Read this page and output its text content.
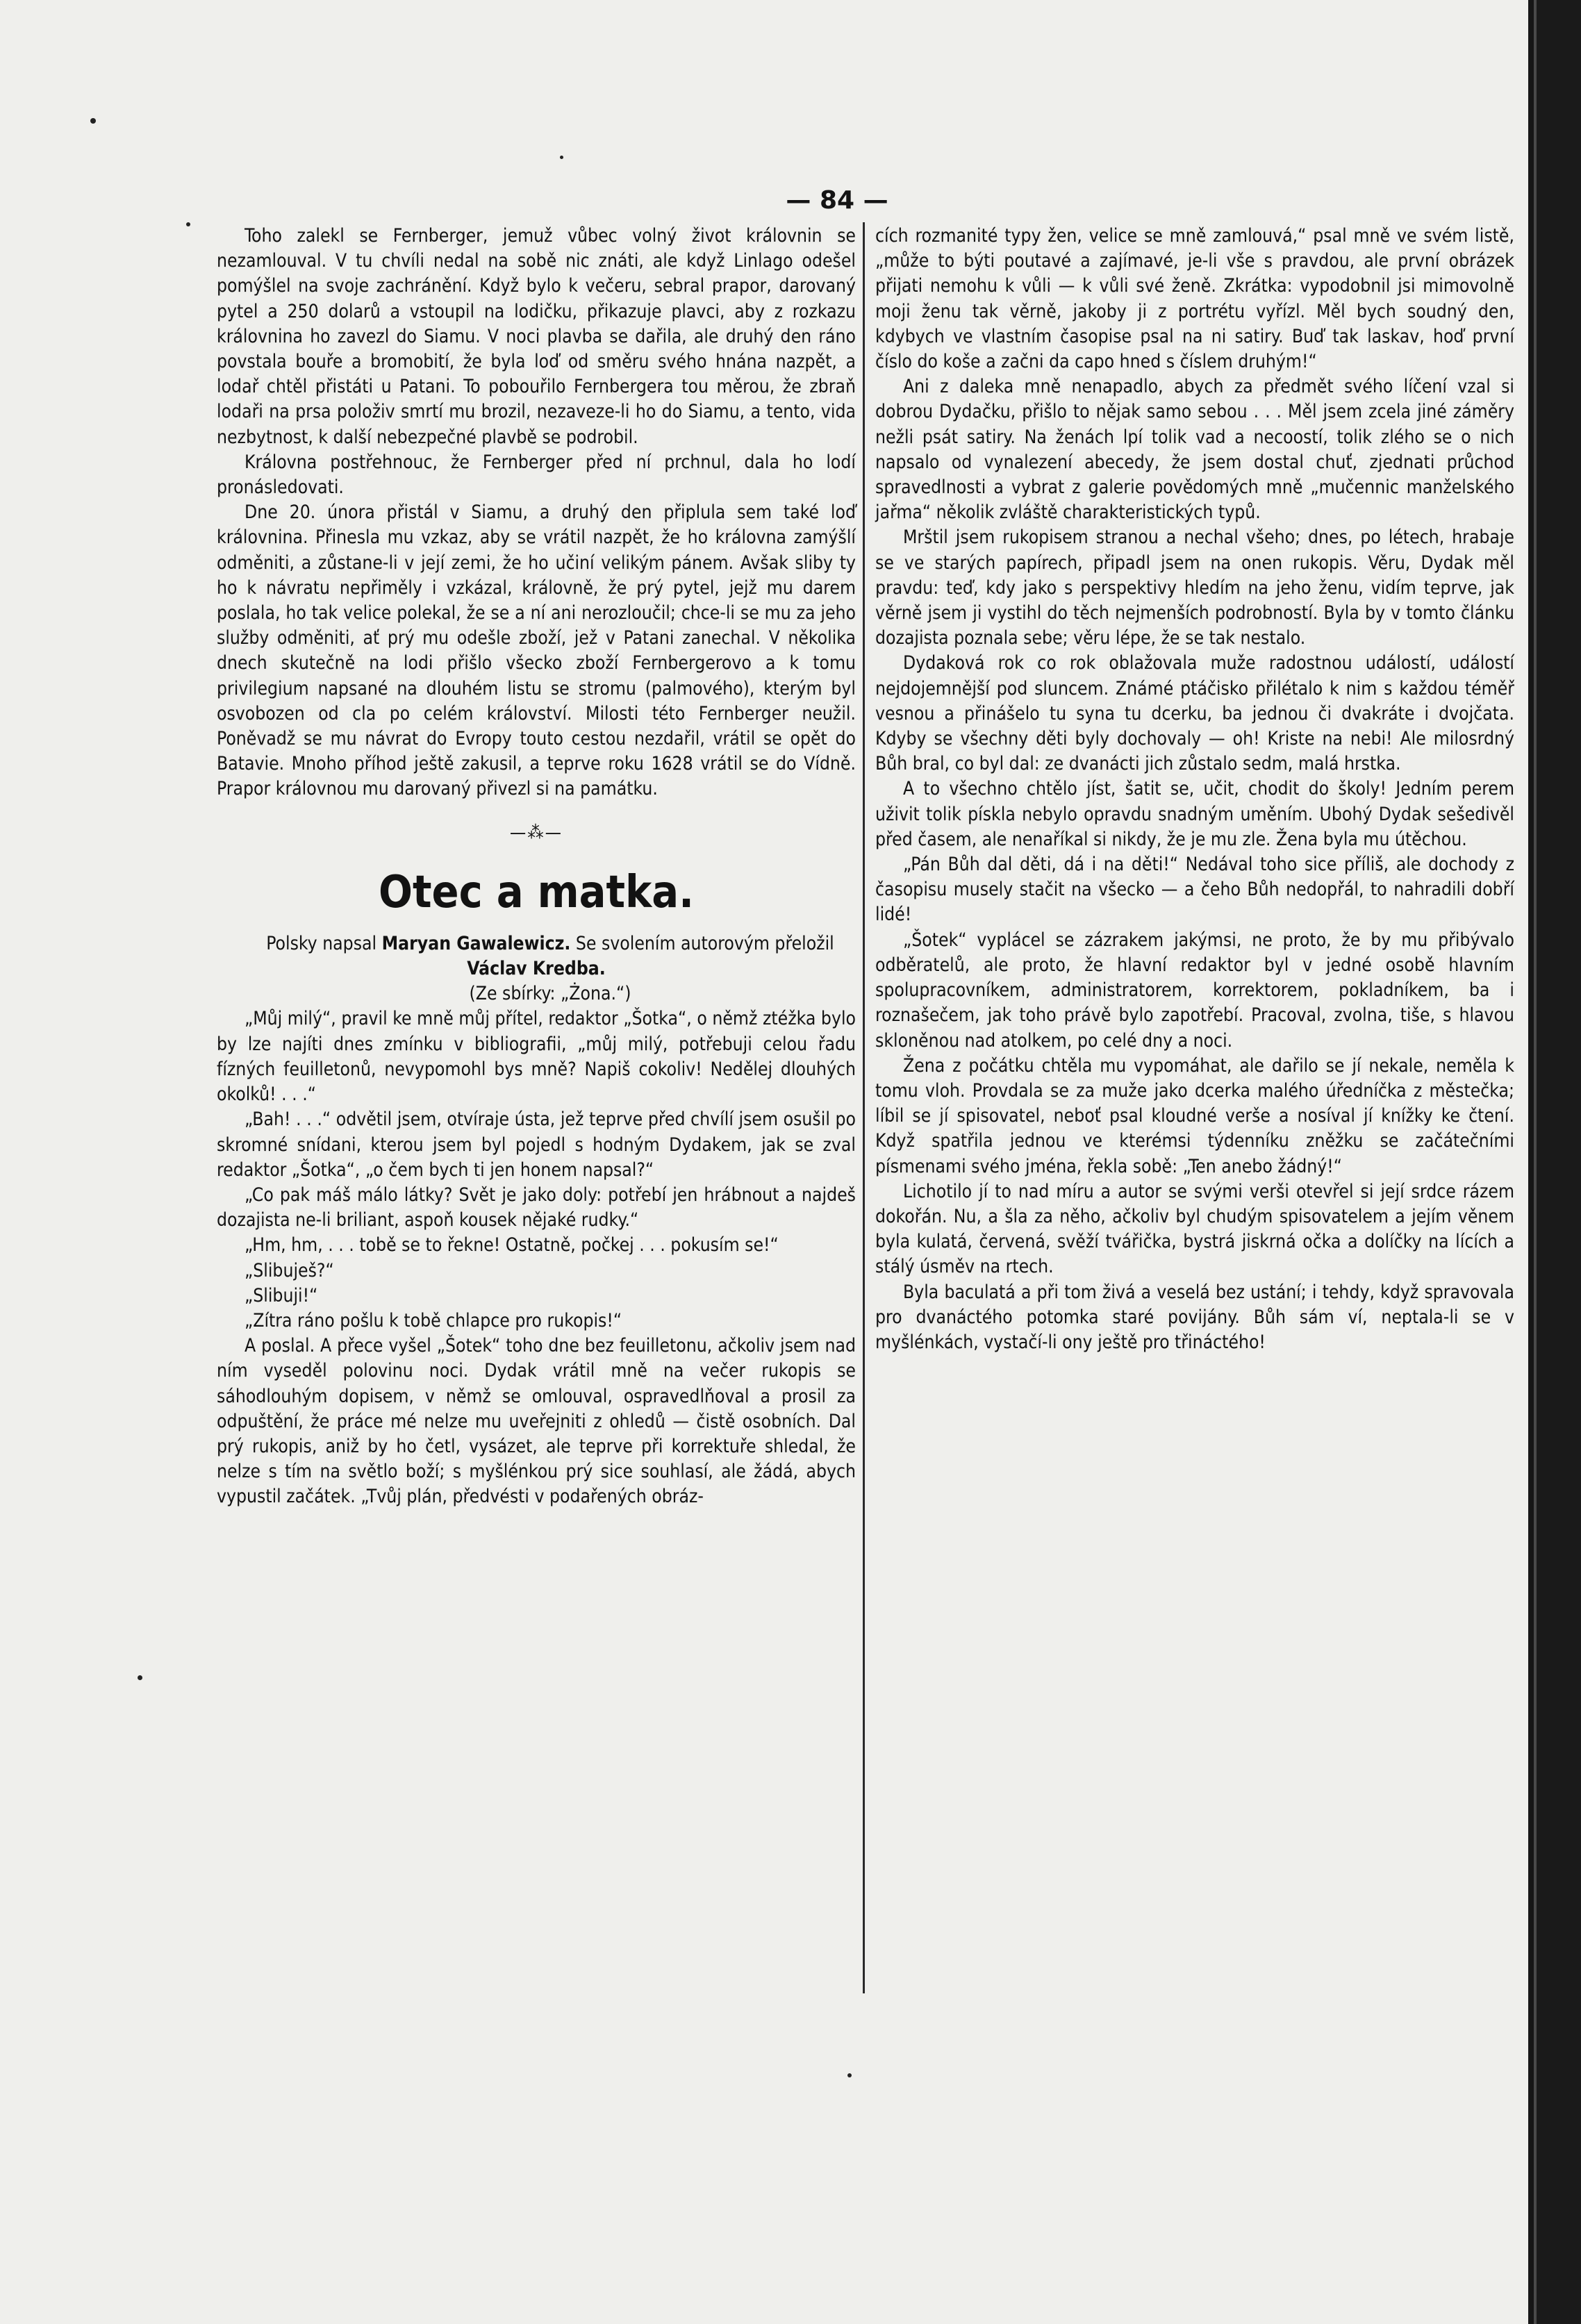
— 84 —

Toho zalekl se Fernberger, jemuž vůbec volný život královnin se nezamlouval. V tu chvíli nedal na sobě nic znáti, ale když Linlago odešel pomýšlel na svoje zachránění. Když bylo k večeru, sebral prapor, darovaný pytel a 250 dolarů a vstoupil na lodičku, přikazuje plavci, aby z rozkazu královnina ho zavezl do Siamu. V noci plavba se dařila, ale druhý den ráno povstala bouře a bromobití, že byla loď od směru svého hnána nazpět, a lodař chtěl přistáti u Patani. To pobouřilo Fernbergera tou měrou, že zbraň lodaři na prsa položiv smrtí mu brozil, nezaveze-li ho do Siamu, a tento, vida nezbytnost, k další nebezpečné plavbě se podrobil.

Královna postřehnouc, že Fernberger před ní prchnul, dala ho lodí pronásledovati.

Dne 20. února přistál v Siamu, a druhý den připlula sem také loď královnina. Přinesla mu vzkaz, aby se vrátil nazpět, že ho královna zamýšlí odměniti, a zůstane-li v její zemi, že ho učiní velikým pánem. Avšak sliby ty ho k návratu nepřiměly i vzkázal, královně, že prý pytel, jejž mu darem poslala, ho tak velice polekal, že se a ní ani nerozloučil; chce-li se mu za jeho služby odměniti, ať prý mu odešle zboží, jež v Patani zanechal. V několika dnech skutečně na lodi přišlo všecko zboží Fernbergerovo a k tomu privilegium napsané na dlouhém listu se stromu (palmového), kterým byl osvobozen od cla po celém království. Milosti této Fernberger neužil. Poněvadž se mu návrat do Evropy touto cestou nezdařil, vrátil se opět do Batavie. Mnoho příhod ještě zakusil, a teprve roku 1628 vrátil se do Vídně. Prapor královnou mu darovaný přivezl si na památku.

—⁂—
Otec a matka.

Polsky napsal Maryan Gawalewicz. Se svolením autorovým přeložil Václav Kredba.

(Ze sbírky: „Żona.“)

„Můj milý“, pravil ke mně můj přítel, redaktor „Šotka“, o němž ztéžka bylo by lze najíti dnes zmínku v bibliografii, „můj milý, potřebuji celou řadu fízných feuilletonů, nevypomohl bys mně? Napiš cokoliv! Nedělej dlouhých okolků! . . .“

„Bah! . . .“ odvětil jsem, otvíraje ústa, jež teprve před chvílí jsem osušil po skromné snídani, kterou jsem byl pojedl s hodným Dydakem, jak se zval redaktor „Šotka“, „o čem bych ti jen honem napsal?“

„Co pak máš málo látky? Svět je jako doly: potřebí jen hrábnout a najdeš dozajista ne-li briliant, aspoň kousek nějaké rudky.“

„Hm, hm, . . . tobě se to řekne! Ostatně, počkej . . . pokusím se!“

„Slibuješ?“

„Slibuji!“

„Zítra ráno pošlu k tobě chlapce pro rukopis!“

A poslal. A přece vyšel „Šotek“ toho dne bez feuilletonu, ačkoliv jsem nad ním vyseděl polovinu noci. Dydak vrátil mně na večer rukopis se sáhodlouhým dopisem, v němž se omlouval, ospravedlňoval a prosil za odpuštění, že práce mé nelze mu uveřejniti z ohledů — čistě osobních. Dal prý rukopis, aniž by ho četl, vysázet, ale teprve při korrektuře shledal, že nelze s tím na světlo boží; s myšlénkou prý sice souhlasí, ale žádá, abych vypustil začátek. „Tvůj plán, předvésti v podařených obráz-

cích rozmanité typy žen, velice se mně zamlouvá,“ psal mně ve svém listě, „může to býti poutavé a zajímavé, je-li vše s pravdou, ale první obrázek přijati nemohu k vůli — k vůli své ženě. Zkrátka: vypodobnil jsi mimovolně moji ženu tak věrně, jakoby ji z portrétu vyřízl. Měl bych soudný den, kdybych ve vlastním časopise psal na ni satiry. Buď tak laskav, hoď první číslo do koše a začni da capo hned s číslem druhým!“

Ani z daleka mně nenapadlo, abych za předmět svého líčení vzal si dobrou Dydačku, přišlo to nějak samo sebou . . . Měl jsem zcela jiné záměry nežli psát satiry. Na ženách lpí tolik vad a necoostí, tolik zlého se o nich napsalo od vynalezení abecedy, že jsem dostal chuť, zjednati průchod spravedlnosti a vybrat z galerie povědomých mně „mučennic manželského jařma“ několik zvláště charakteristických typů.

Mrštil jsem rukopisem stranou a nechal všeho; dnes, po létech, hrabaje se ve starých papírech, připadl jsem na onen rukopis. Věru, Dydak měl pravdu: teď, kdy jako s perspektivy hledím na jeho ženu, vidím teprve, jak věrně jsem ji vystihl do těch nejmenších podrobností. Byla by v tomto článku dozajista poznala sebe; věru lépe, že se tak nestalo.

Dydaková rok co rok oblažovala muže radostnou událostí, událostí nejdojemnější pod sluncem. Známé ptáčisko přilétalo k nim s každou téměř vesnou a přinášelo tu syna tu dcerku, ba jednou či dvakráte i dvojčata. Kdyby se všechny děti byly dochovaly — oh! Kriste na nebi! Ale milosrdný Bůh bral, co byl dal: ze dvanácti jich zůstalo sedm, malá hrstka.

A to všechno chtělo jíst, šatit se, učit, chodit do školy! Jedním perem uživit tolik pískla nebylo opravdu snadným uměním. Ubohý Dydak sešedivěl před časem, ale nenaříkal si nikdy, že je mu zle. Žena byla mu útěchou.

„Pán Bůh dal děti, dá i na děti!“ Nedával toho sice příliš, ale dochody z časopisu musely stačit na všecko — a čeho Bůh nedopřál, to nahradili dobří lidé!

„Šotek“ vyplácel se zázrakem jakýmsi, ne proto, že by mu přibývalo odběratelů, ale proto, že hlavní redaktor byl v jedné osobě hlavním spolupracovníkem, administratorem, korrektorem, pokladníkem, ba i roznašečem, jak toho právě bylo zapotřebí. Pracoval, zvolna, tiše, s hlavou skloněnou nad atolkem, po celé dny a noci.

Žena z počátku chtěla mu vypomáhat, ale dařilo se jí nekale, neměla k tomu vloh. Provdala se za muže jako dcerka malého úředníčka z městečka; líbil se jí spisovatel, neboť psal kloudné verše a nosíval jí knížky ke čtení. Když spatřila jednou ve kterémsi týdenníku zněžku se začátečními písmenami svého jména, řekla sobě: „Ten anebo žádný!“

Lichotilo jí to nad míru a autor se svými verši otevřel si její srdce rázem dokořán. Nu, a šla za něho, ačkoliv byl chudým spisovatelem a jejím věnem byla kulatá, červená, svěží tvářička, bystrá jiskrná očka a dolíčky na lících a stálý úsměv na rtech.

Byla baculatá a při tom živá a veselá bez ustání; i tehdy, když spravovala pro dvanáctého potomka staré povijány. Bůh sám ví, neptala-li se v myšlénkách, vystačí-li ony ještě pro třináctého!
